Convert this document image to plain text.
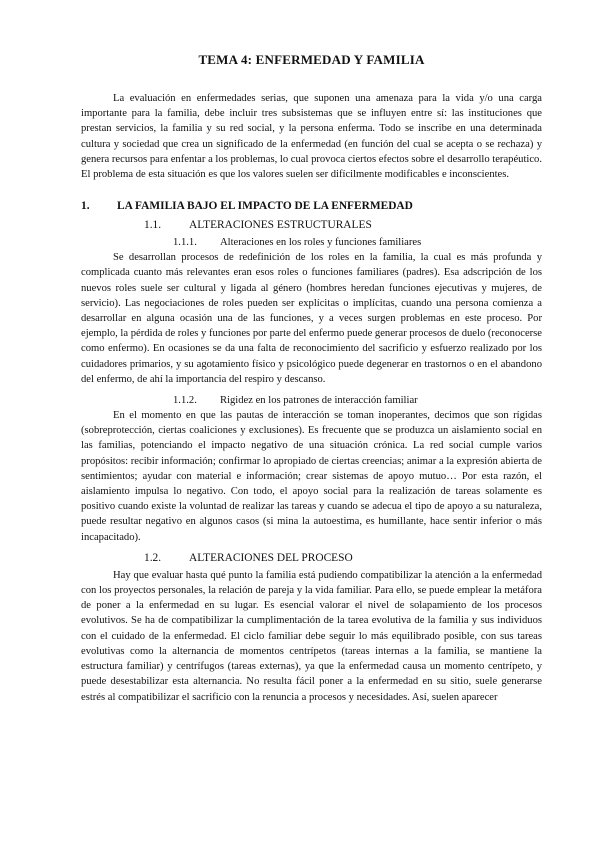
TEMA 4: ENFERMEDAD Y FAMILIA

La evaluación en enfermedades serias, que suponen una amenaza para la vida y/o una carga importante para la familia, debe incluir tres subsistemas que se influyen entre sí: las instituciones que prestan servicios, la familia y su red social, y la persona enferma. Todo se inscribe en una determinada cultura y sociedad que crea un significado de la enfermedad (en función del cual se acepta o se rechaza) y genera recursos para enfentar a los problemas, lo cual provoca ciertos efectos sobre el desarrollo terapéutico. El problema de esta situación es que los valores suelen ser difícilmente modificables e inconscientes.

1.	LA FAMILIA BAJO EL IMPACTO DE LA ENFERMEDAD
1.1.	ALTERACIONES ESTRUCTURALES
1.1.1.	Alteraciones en los roles y funciones familiares

Se desarrollan procesos de redefinición de los roles en la familia, la cual es más profunda y complicada cuanto más relevantes eran esos roles o funciones familiares (padres). Esa adscripción de los nuevos roles suele ser cultural y ligada al género (hombres heredan funciones ejecutivas y mujeres, de servicio). Las negociaciones de roles pueden ser explícitas o implícitas, cuando una persona comienza a desarrollar en alguna ocasión una de las funciones, y a veces surgen problemas en este proceso. Por ejemplo, la pérdida de roles y funciones por parte del enfermo puede generar procesos de duelo (reconocerse como enfermo). En ocasiones se da una falta de reconocimiento del sacrificio y esfuerzo realizado por los cuidadores primarios, y su agotamiento físico y psicológico puede degenerar en trastornos o en el abandono del enfermo, de ahí la importancia del respiro y descanso.

1.1.2.	Rigidez en los patrones de interacción familiar

En el momento en que las pautas de interacción se toman inoperantes, decimos que son rígidas (sobreprotección, ciertas coaliciones y exclusiones). Es frecuente que se produzca un aislamiento social en las familias, potenciando el impacto negativo de una situación crónica. La red social cumple varios propósitos: recibir información; confirmar lo apropiado de ciertas creencias; animar a la expresión abierta de sentimientos; ayudar con material e información; crear sistemas de apoyo mutuo… Por esta razón, el aislamiento impulsa lo negativo. Con todo, el apoyo social para la realización de tareas solamente es positivo cuando existe la voluntad de realizar las tareas y cuando se adecua el tipo de apoyo a su naturaleza, puede resultar negativo en algunos casos (si mina la autoestima, es humillante, hace sentir inferior o más incapacitado).

1.2.	ALTERACIONES DEL PROCESO

Hay que evaluar hasta qué punto la familia está pudiendo compatibilizar la atención a la enfermedad con los proyectos personales, la relación de pareja y la vida familiar. Para ello, se puede emplear la metáfora de poner a la enfermedad en su lugar. Es esencial valorar el nivel de solapamiento de los procesos evolutivos. Se ha de compatibilizar la cumplimentación de la tarea evolutiva de la familia y sus individuos con el cuidado de la enfermedad. El ciclo familiar debe seguir lo más equilibrado posible, con sus tareas evolutivas como la alternancia de momentos centrípetos (tareas internas a la familia, se mantiene la estructura familiar) y centrífugos (tareas externas), ya que la enfermedad causa un momento centrípeto, y puede desestabilizar esta alternancia. No resulta fácil poner a la enfermedad en su sitio, suele generarse estrés al compatibilizar el sacrificio con la renuncia a procesos y necesidades. Así, suelen aparecer
